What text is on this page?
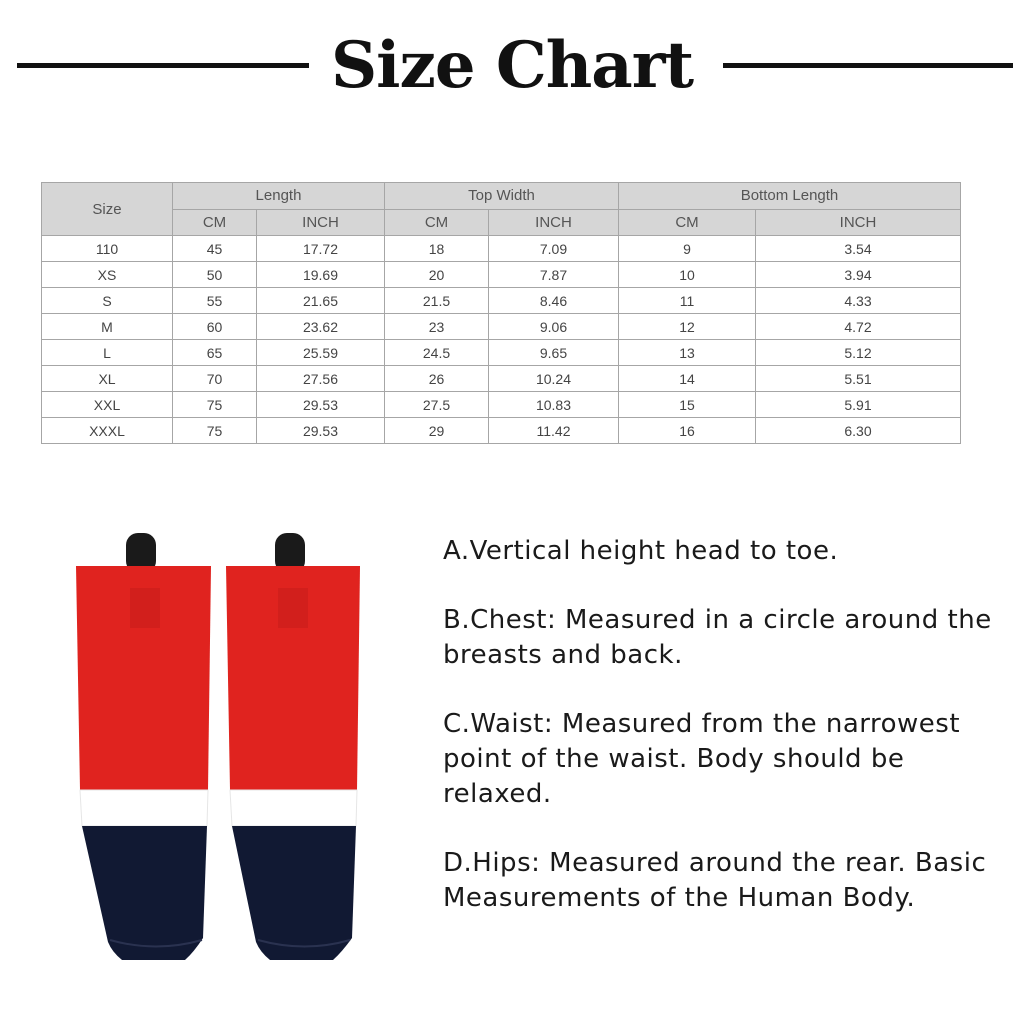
Size Chart
Size	Length		Top Width		Bottom Length	
	CM	INCH	CM	INCH	CM	INCH
110	45	17.72	18	7.09	9	3.54
XS	50	19.69	20	7.87	10	3.94
S	55	21.65	21.5	8.46	11	4.33
M	60	23.62	23	9.06	12	4.72
L	65	25.59	24.5	9.65	13	5.12
XL	70	27.56	26	10.24	14	5.51
XXL	75	29.53	27.5	10.83	15	5.91
XXXL	75	29.53	29	11.42	16	6.30

A.Vertical height head to toe.

B.Chest: Measured in a circle around the breasts and back.

C.Waist: Measured from the narrowest point of the waist. Body should be relaxed.

D.Hips: Measured around the rear. Basic Measurements of the Human Body.
